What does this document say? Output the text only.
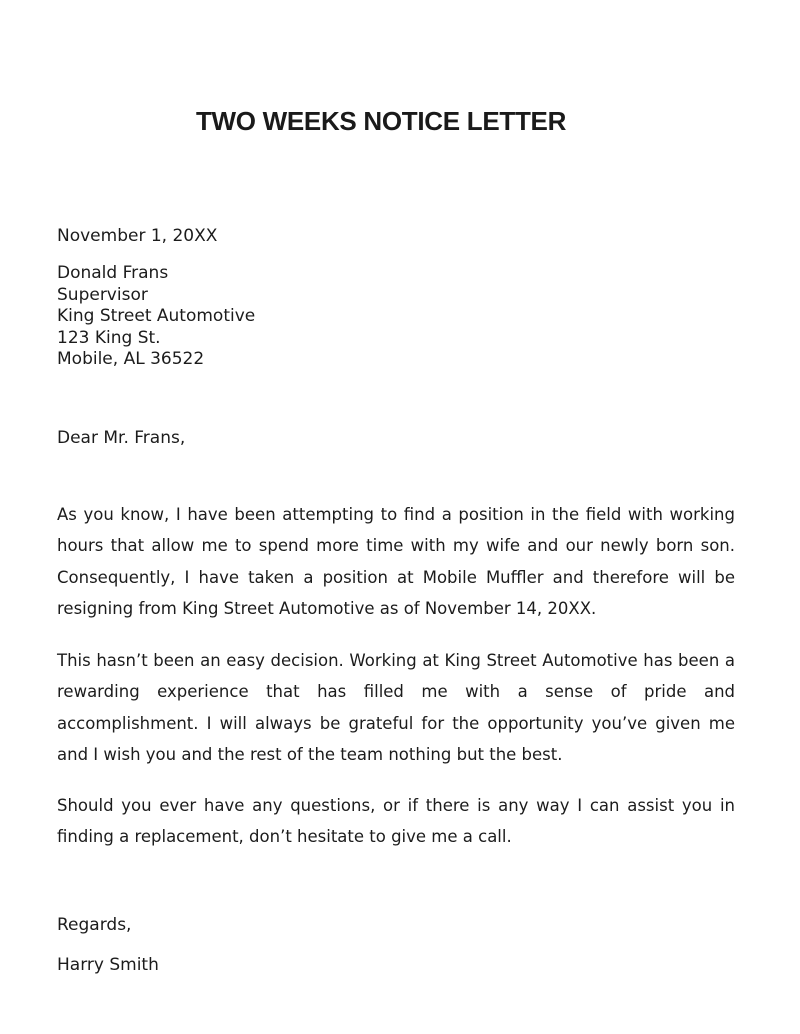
TWO WEEKS NOTICE LETTER

November 1, 20XX

Donald Frans
Supervisor
King Street Automotive
123 King St.
Mobile, AL 36522

Dear Mr. Frans,

As you know, I have been attempting to find a position in the field with working hours that allow me to spend more time with my wife and our newly born son. Consequently, I have taken a position at Mobile Muffler and therefore will be resigning from King Street Automotive as of November 14, 20XX.

This hasn’t been an easy decision. Working at King Street Automotive has been a rewarding experience that has filled me with a sense of pride and accomplishment. I will always be grateful for the opportunity you’ve given me and I wish you and the rest of the team nothing but the best.

Should you ever have any questions, or if there is any way I can assist you in finding a replacement, don’t hesitate to give me a call.

Regards,

Harry Smith
